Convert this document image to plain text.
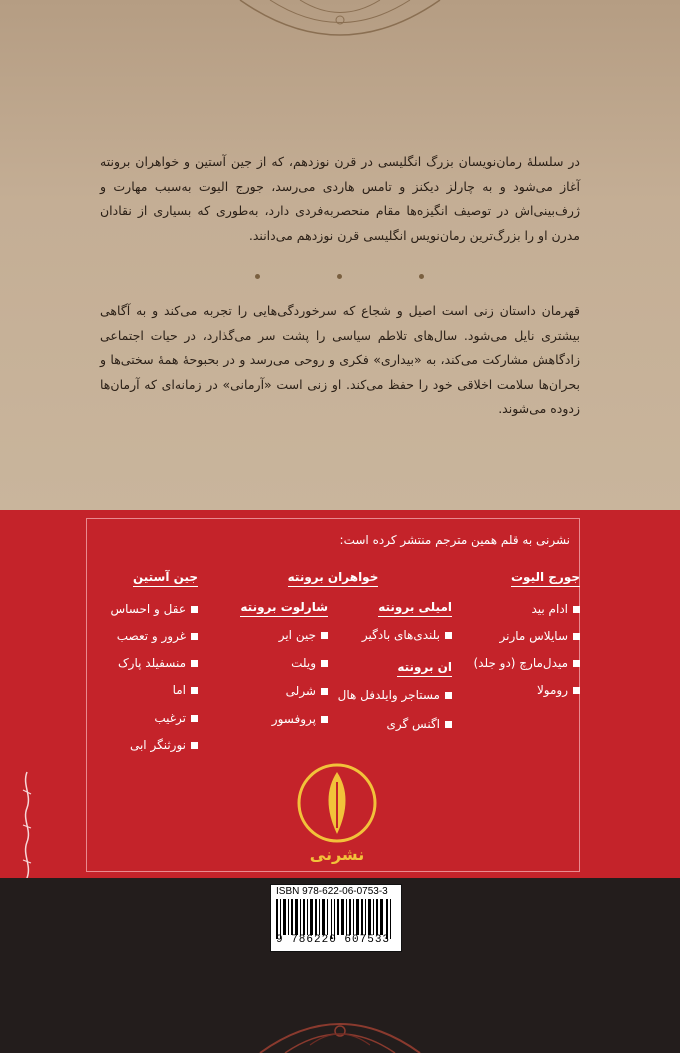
در سلسلهٔ رمان‌نویسان بزرگ انگلیسی در قرن نوزدهم، که از جین آستین و خواهران برونته آغاز می‌شود و به چارلز دیکنز و تامس هاردی می‌رسد، جورج الیوت به‌سبب مهارت و ژرف‌بینی‌اش در توصیف انگیزه‌ها مقام منحصربه‌فردی دارد، به‌طوری که بسیاری از نقادان مدرن او را بزرگ‌ترین رمان‌نویس انگلیسی قرن نوزدهم می‌دانند.
قهرمان داستان زنی است اصیل و شجاع که سرخوردگی‌هایی را تجربه می‌کند و به آگاهی بیشتری نایل می‌شود. سال‌های تلاطم سیاسی را پشت سر می‌گذارد، در حیات اجتماعی زادگاهش مشارکت می‌کند، به «بیداری» فکری و روحی می‌رسد و در بحبوحهٔ همهٔ سختی‌ها و بحران‌ها سلامت اخلاقی خود را حفظ می‌کند. او زنی است «آرمانی» در زمانه‌ای که آرمان‌ها زدوده می‌شوند.
نشرنی به قلم همین مترجم منتشر کرده است:
جورج الیوت
ادام بید
سایلاس مارنر
میدل‌مارچ (دو جلد)
رومولا
خواهران برونته
امیلی برونته
بلندی‌های بادگیر
ان برونته
مستاجر وایلدفل هال
اگنس گری
شارلوت برونته
جین ایر
ویلت
شرلی
پروفسور
جین آستین
عقل و احساس
غرور و تعصب
منسفیلد پارک
اما
ترغیب
نورثنگر ابی
نشرنی
ISBN 978-622-06-0753-3
9 786220 607533
